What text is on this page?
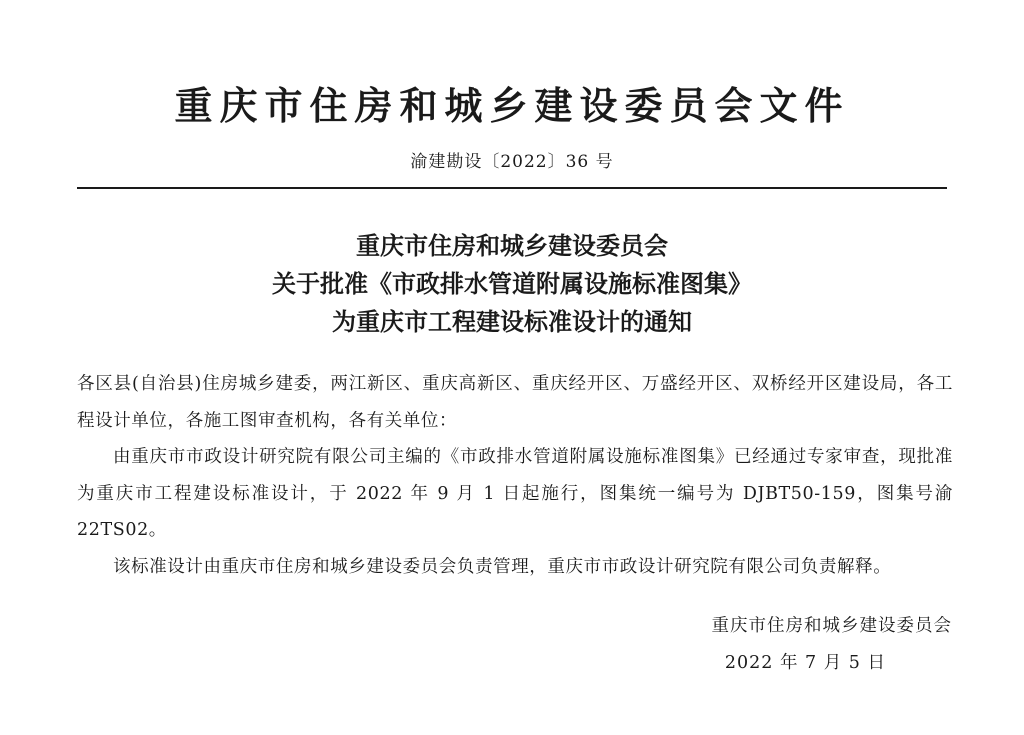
重庆市住房和城乡建设委员会文件
渝建勘设〔2022〕36 号
重庆市住房和城乡建设委员会
关于批准《市政排水管道附属设施标准图集》
为重庆市工程建设标准设计的通知

各区县(自治县)住房城乡建委，两江新区、重庆高新区、重庆经开区、万盛经开区、双桥经开区建设局，各工程设计单位，各施工图审查机构，各有关单位：

由重庆市市政设计研究院有限公司主编的《市政排水管道附属设施标准图集》已经通过专家审查，现批准为重庆市工程建设标准设计，于 2022 年 9 月 1 日起施行，图集统一编号为 DJBT50-159，图集号渝 22TS02。

该标准设计由重庆市住房和城乡建设委员会负责管理，重庆市市政设计研究院有限公司负责解释。

重庆市住房和城乡建设委员会
2022 年 7 月 5 日
